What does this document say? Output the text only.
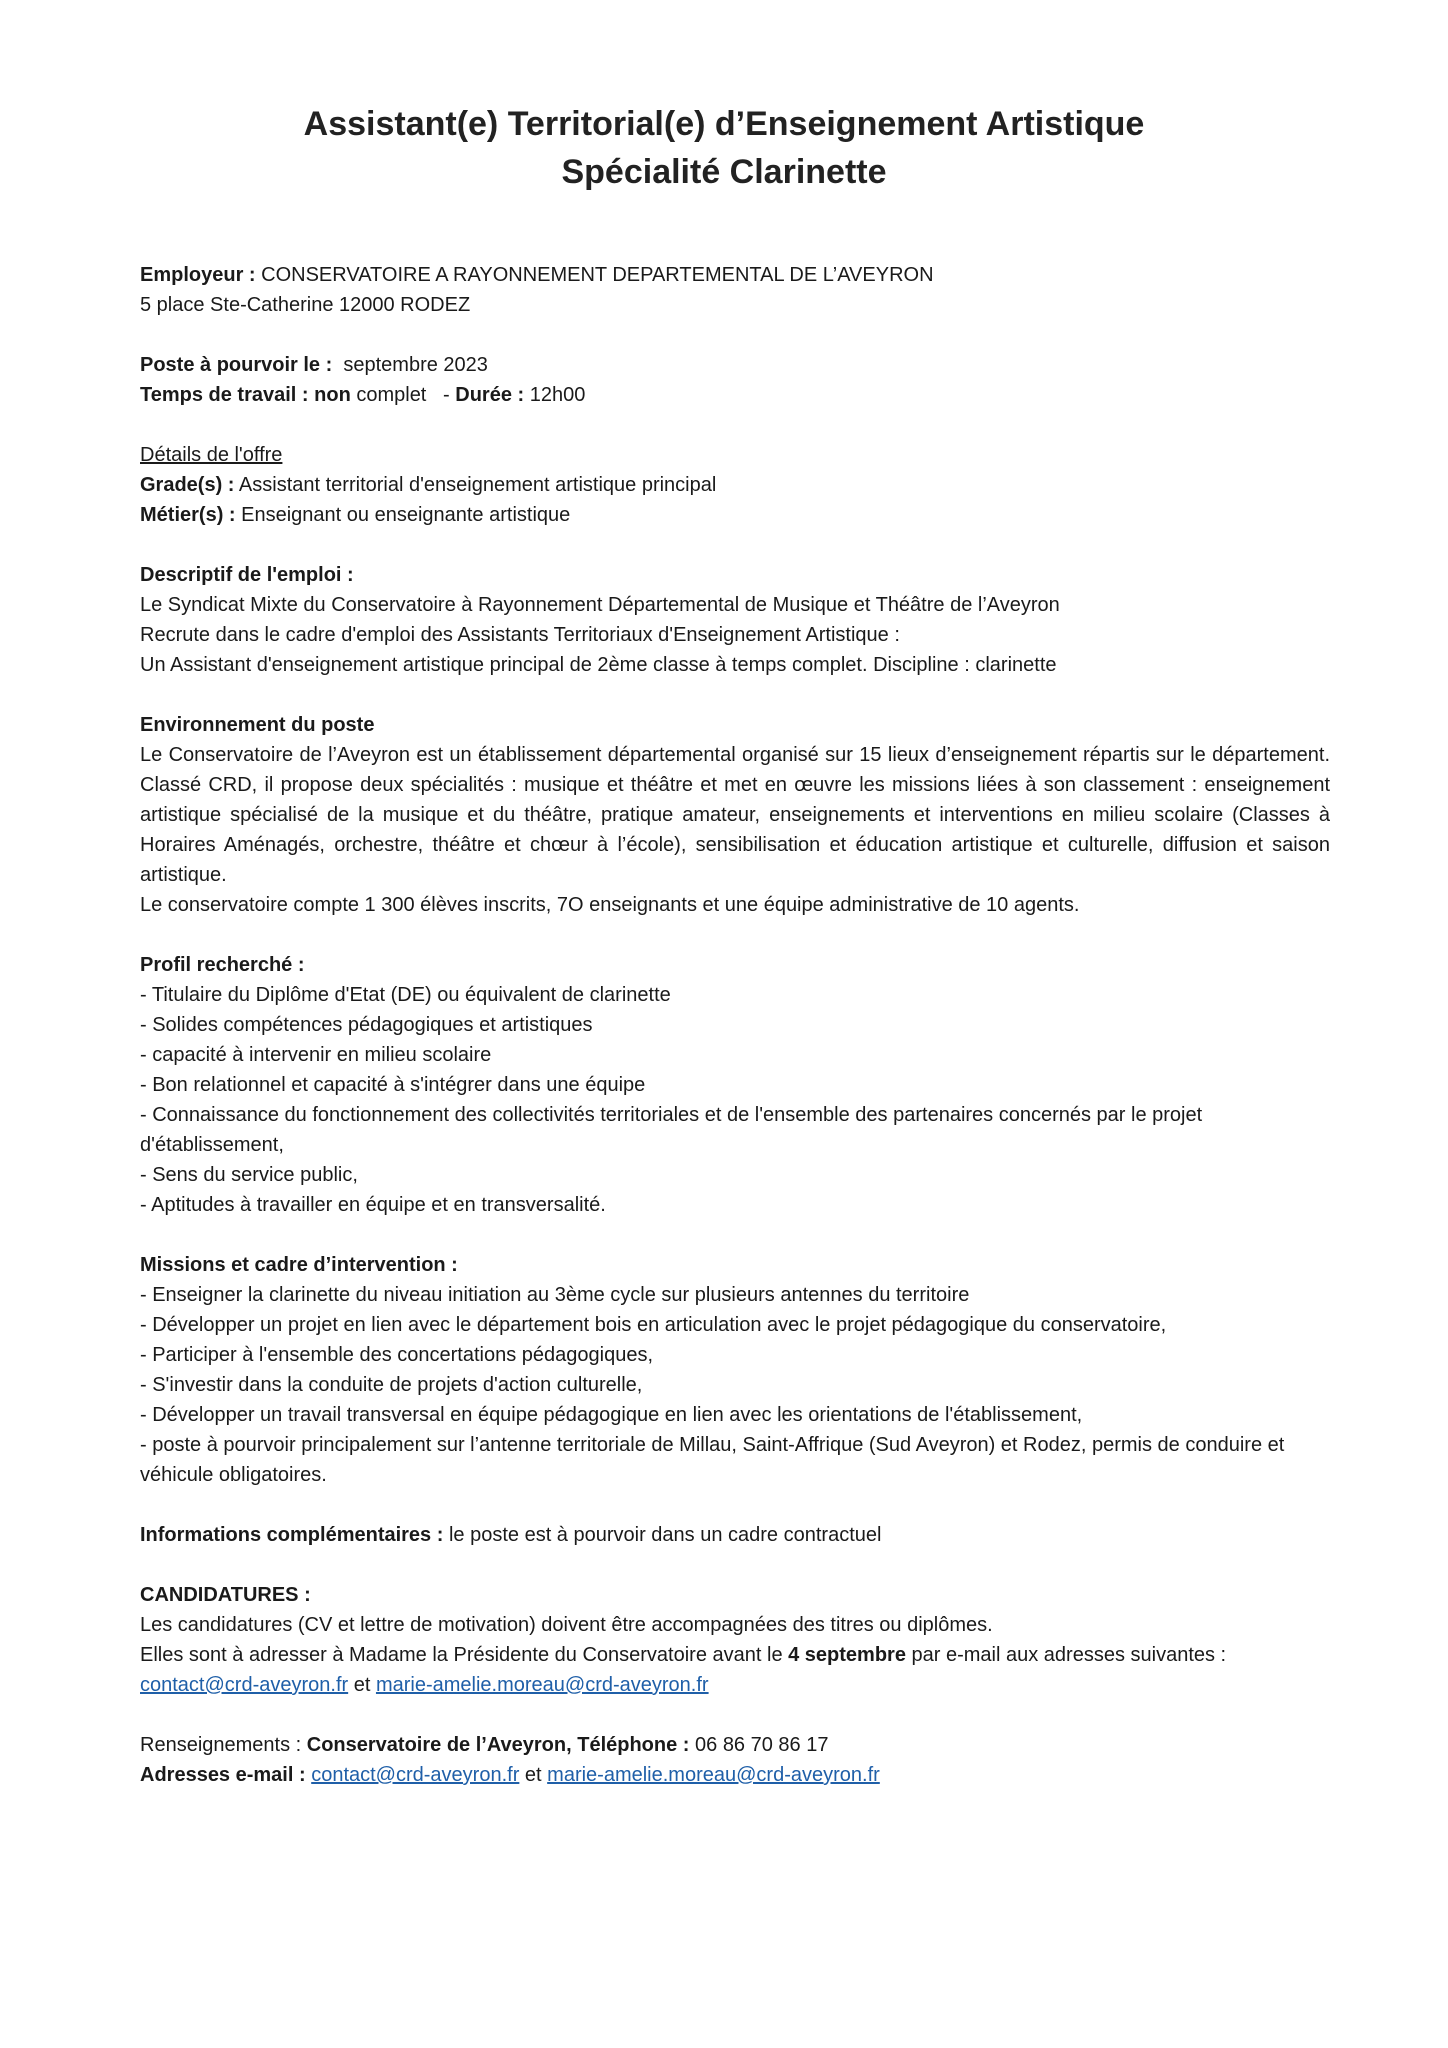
Assistant(e) Territorial(e) d’Enseignement Artistique

Spécialité Clarinette

Employeur : CONSERVATOIRE A RAYONNEMENT DEPARTEMENTAL DE L’AVEYRON
5 place Ste-Catherine 12000 RODEZ
Poste à pourvoir le :  septembre 2023
Temps de travail : non complet   - Durée : 12h00
Détails de l'offre
Grade(s) : Assistant territorial d'enseignement artistique principal
Métier(s) : Enseignant ou enseignante artistique
Descriptif de l'emploi :
Le Syndicat Mixte du Conservatoire à Rayonnement Départemental de Musique et Théâtre de l’Aveyron
Recrute dans le cadre d'emploi des Assistants Territoriaux d'Enseignement Artistique :
Un Assistant d'enseignement artistique principal de 2ème classe à temps complet. Discipline : clarinette
Environnement du poste
Le Conservatoire de l’Aveyron est un établissement départemental organisé sur 15 lieux d’enseignement répartis sur le département. Classé CRD, il propose deux spécialités : musique et théâtre et met en œuvre les missions liées à son classement : enseignement artistique spécialisé de la musique et du théâtre, pratique amateur, enseignements et interventions en milieu scolaire (Classes à Horaires Aménagés, orchestre, théâtre et chœur à l’école), sensibilisation et éducation artistique et culturelle, diffusion et saison artistique.
Le conservatoire compte 1 300 élèves inscrits, 7O enseignants et une équipe administrative de 10 agents.
Profil recherché :
- Titulaire du Diplôme d'Etat (DE) ou équivalent de clarinette
- Solides compétences pédagogiques et artistiques
- capacité à intervenir en milieu scolaire
- Bon relationnel et capacité à s'intégrer dans une équipe
- Connaissance du fonctionnement des collectivités territoriales et de l'ensemble des partenaires concernés par le projet d'établissement,
- Sens du service public,
- Aptitudes à travailler en équipe et en transversalité.
Missions et cadre d’intervention :
- Enseigner la clarinette du niveau initiation au 3ème cycle sur plusieurs antennes du territoire
- Développer un projet en lien avec le département bois en articulation avec le projet pédagogique du conservatoire,
- Participer à l'ensemble des concertations pédagogiques,
- S'investir dans la conduite de projets d'action culturelle,
- Développer un travail transversal en équipe pédagogique en lien avec les orientations de l'établissement,
- poste à pourvoir principalement sur l’antenne territoriale de Millau, Saint-Affrique (Sud Aveyron) et Rodez, permis de conduire et véhicule obligatoires.
Informations complémentaires : le poste est à pourvoir dans un cadre contractuel
CANDIDATURES :
Les candidatures (CV et lettre de motivation) doivent être accompagnées des titres ou diplômes.
Elles sont à adresser à Madame la Présidente du Conservatoire avant le 4 septembre par e-mail aux adresses suivantes :
contact@crd-aveyron.fr et marie-amelie.moreau@crd-aveyron.fr
Renseignements : Conservatoire de l’Aveyron, Téléphone : 06 86 70 86 17
Adresses e-mail : contact@crd-aveyron.fr et marie-amelie.moreau@crd-aveyron.fr
